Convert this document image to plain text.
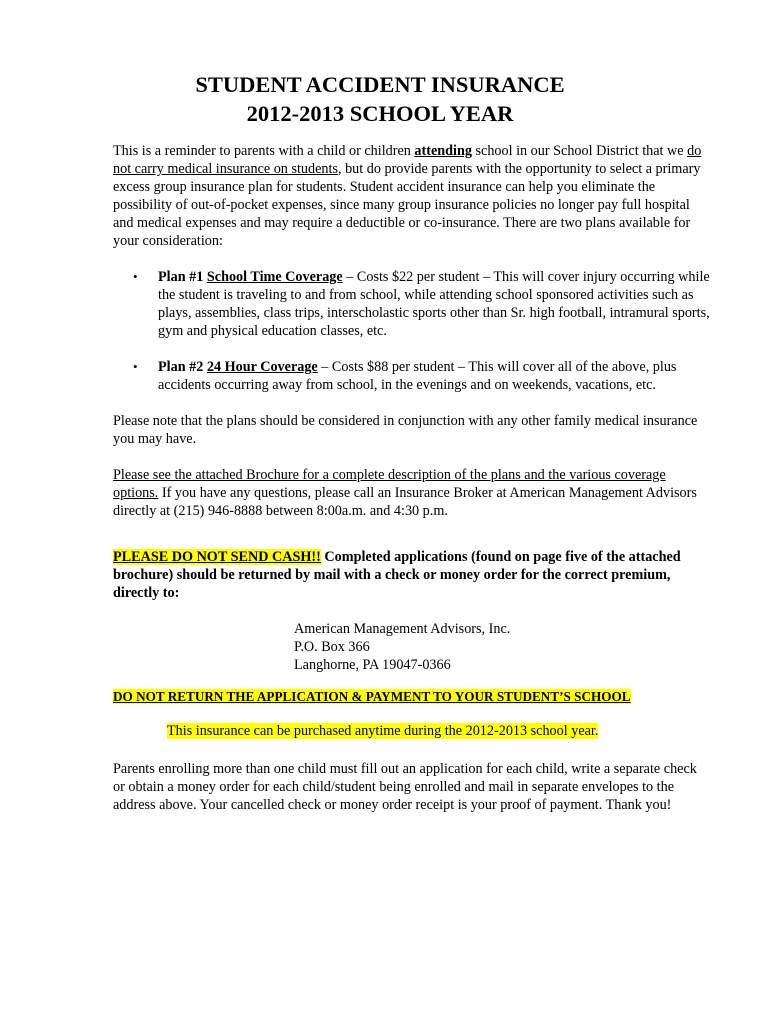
STUDENT ACCIDENT INSURANCE
2012-2013 SCHOOL YEAR

This is a reminder to parents with a child or children attending school in our School District that we do not carry medical insurance on students, but do provide parents with the opportunity to select a primary excess group insurance plan for students. Student accident insurance can help you eliminate the possibility of out-of-pocket expenses, since many group insurance policies no longer pay full hospital and medical expenses and may require a deductible or co-insurance. There are two plans available for your consideration:

• Plan #1 School Time Coverage – Costs $22 per student – This will cover injury occurring while the student is traveling to and from school, while attending school sponsored activities such as plays, assemblies, class trips, interscholastic sports other than Sr. high football, intramural sports, gym and physical education classes, etc.
• Plan #2 24 Hour Coverage – Costs $88 per student – This will cover all of the above, plus accidents occurring away from school, in the evenings and on weekends, vacations, etc.

Please note that the plans should be considered in conjunction with any other family medical insurance you may have.

Please see the attached Brochure for a complete description of the plans and the various coverage options. If you have any questions, please call an Insurance Broker at American Management Advisors directly at (215) 946-8888 between 8:00a.m. and 4:30 p.m.

PLEASE DO NOT SEND CASH!! Completed applications (found on page five of the attached brochure) should be returned by mail with a check or money order for the correct premium, directly to:

American Management Advisors, Inc.
P.O. Box 366
Langhorne, PA 19047-0366
DO NOT RETURN THE APPLICATION & PAYMENT TO YOUR STUDENT’S SCHOOL
This insurance can be purchased anytime during the 2012-2013 school year.

Parents enrolling more than one child must fill out an application for each child, write a separate check or obtain a money order for each child/student being enrolled and mail in separate envelopes to the address above. Your cancelled check or money order receipt is your proof of payment. Thank you!
